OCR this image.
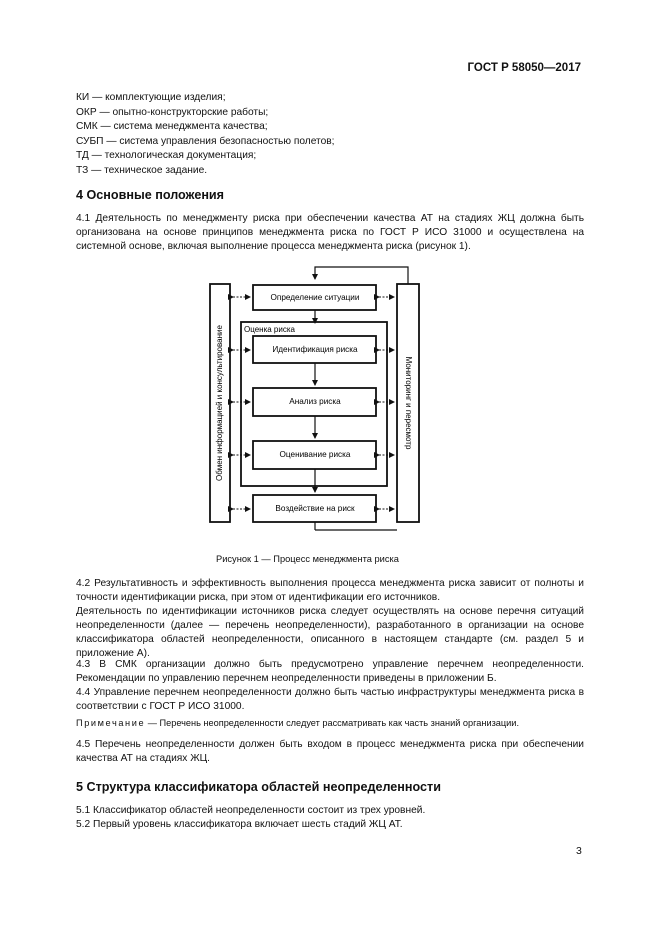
ГОСТ Р 58050—2017
КИ — комплектующие изделия;
ОКР — опытно-конструкторские работы;
СМК — система менеджмента качества;
СУБП — система управления безопасностью полетов;
ТД — технологическая документация;
ТЗ — техническое задание.
4 Основные положения
4.1 Деятельность по менеджменту риска при обеспечении качества АТ на стадиях ЖЦ должна быть организована на основе принципов менеджмента риска по ГОСТ Р ИСО 31000 и осуществлена на системной основе, включая выполнение процесса менеджмента риска (рисунок 1).
Обмен информацией и консультирование	Мониторинг и пересмотр
Определение ситуации
Оценка риска
Идентификация риска
Анализ риска
Оценивание риска
Воздействие на риск
Рисунок 1 — Процесс менеджмента риска
4.2 Результативность и эффективность выполнения процесса менеджмента риска зависит от полноты и точности идентификации риска, при этом от идентификации его источников.
Деятельность по идентификации источников риска следует осуществлять на основе перечня ситуаций неопределенности (далее — перечень неопределенности), разработанного в организации на основе классификатора областей неопределенности, описанного в настоящем стандарте (см. раздел 5 и приложение А).
4.3 В СМК организации должно быть предусмотрено управление перечнем неопределенности. Рекомендации по управлению перечнем неопределенности приведены в приложении Б.
4.4 Управление перечнем неопределенности должно быть частью инфраструктуры менеджмента риска в соответствии с ГОСТ Р ИСО 31000.
Примечание — Перечень неопределенности следует рассматривать как часть знаний организации.
4.5 Перечень неопределенности должен быть входом в процесс менеджмента риска при обеспечении качества АТ на стадиях ЖЦ.
5 Структура классификатора областей неопределенности
5.1 Классификатор областей неопределенности состоит из трех уровней.
5.2 Первый уровень классификатора включает шесть стадий ЖЦ АТ.
3
